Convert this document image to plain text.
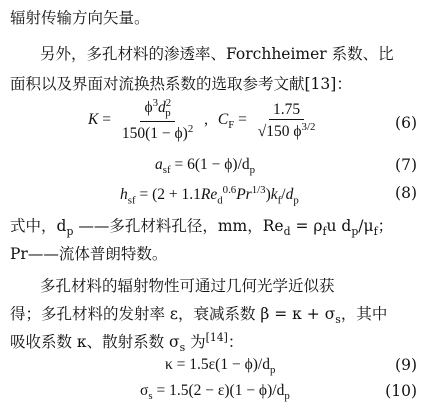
辐射传输方向矢量。
另外，多孔材料的渗透率、Forchheimer 系数、比
面积以及界面对流换热系数的选取参考文献[13]：
$K = \frac{\phi^3d^2_p}{150(1 - \phi)^2}$ , $C_F = \frac{1.75}{√150 \phi^{3/2}}$	(6)
$a_{sf} = 6(1 - \phi)/d_p$	(7)
$h_{sf} = (2 + 1.1Re_d^{0.6}Pr^{1/3})k_f/d_p$	(8)
式中，$d_p$ ——多孔材料孔径，mm，$Re_d = \rho_fu$ $d_p/\mu_f$；
Pr——流体普朗特数。
多孔材料的辐射物性可通过几何光学近似获
得；多孔材料的发射率 ε，衰减系数 $\beta = \kappa + \sigma_s$，其中
吸收系数 κ、散射系数 $\sigma_s$ 为[14]：
$\kappa = 1.5\varepsilon(1 - \phi)/d_p$	(9)
$\sigma_s = 1.5(2 - \varepsilon)(1 - \phi)/d_p$	(10)
